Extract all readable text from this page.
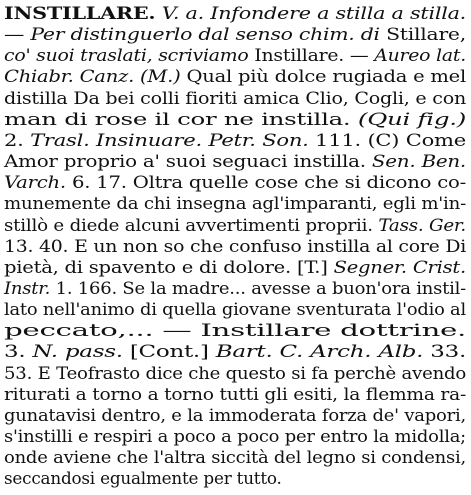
INSTILLARE. V. a. Infondere a stilla a stilla.
— Per distinguerlo dal senso chim. di Stillare,
co' suoi traslati, scriviamo Instillare. — Aureo lat.
Chiabr. Canz. (M.) Qual più dolce rugiada e mel
distilla Da bei colli fioriti amica Clio, Cogli, e con
man di rose il cor ne instilla. (Qui fig.)
2. Trasl. Insinuare. Petr. Son. 111. (C) Come
Amor proprio a' suoi seguaci instilla. Sen. Ben.
Varch. 6. 17. Oltra quelle cose che si dicono co-
munemente da chi insegna agl'imparanti, egli m'in-
stillò e diede alcuni avvertimenti proprii. Tass. Ger.
13. 40. E un non so che confuso instilla al core Di
pietà, di spavento e di dolore. [T.] Segner. Crist.
Instr. 1. 166. Se la madre... avesse a buon'ora instil-
lato nell'animo di quella giovane sventurata l'odio al
peccato,... — Instillare dottrine.
3. N. pass. [Cont.] Bart. C. Arch. Alb. 33.
53. E Teofrasto dice che questo si fa perchè avendo
riturati a torno a torno tutti gli esiti, la flemma ra-
gunatavisi dentro, e la immoderata forza de' vapori,
s'instilli e respiri a poco a poco per entro la midolla;
onde aviene che l'altra siccità del legno si condensi,
seccandosi egualmente per tutto.
